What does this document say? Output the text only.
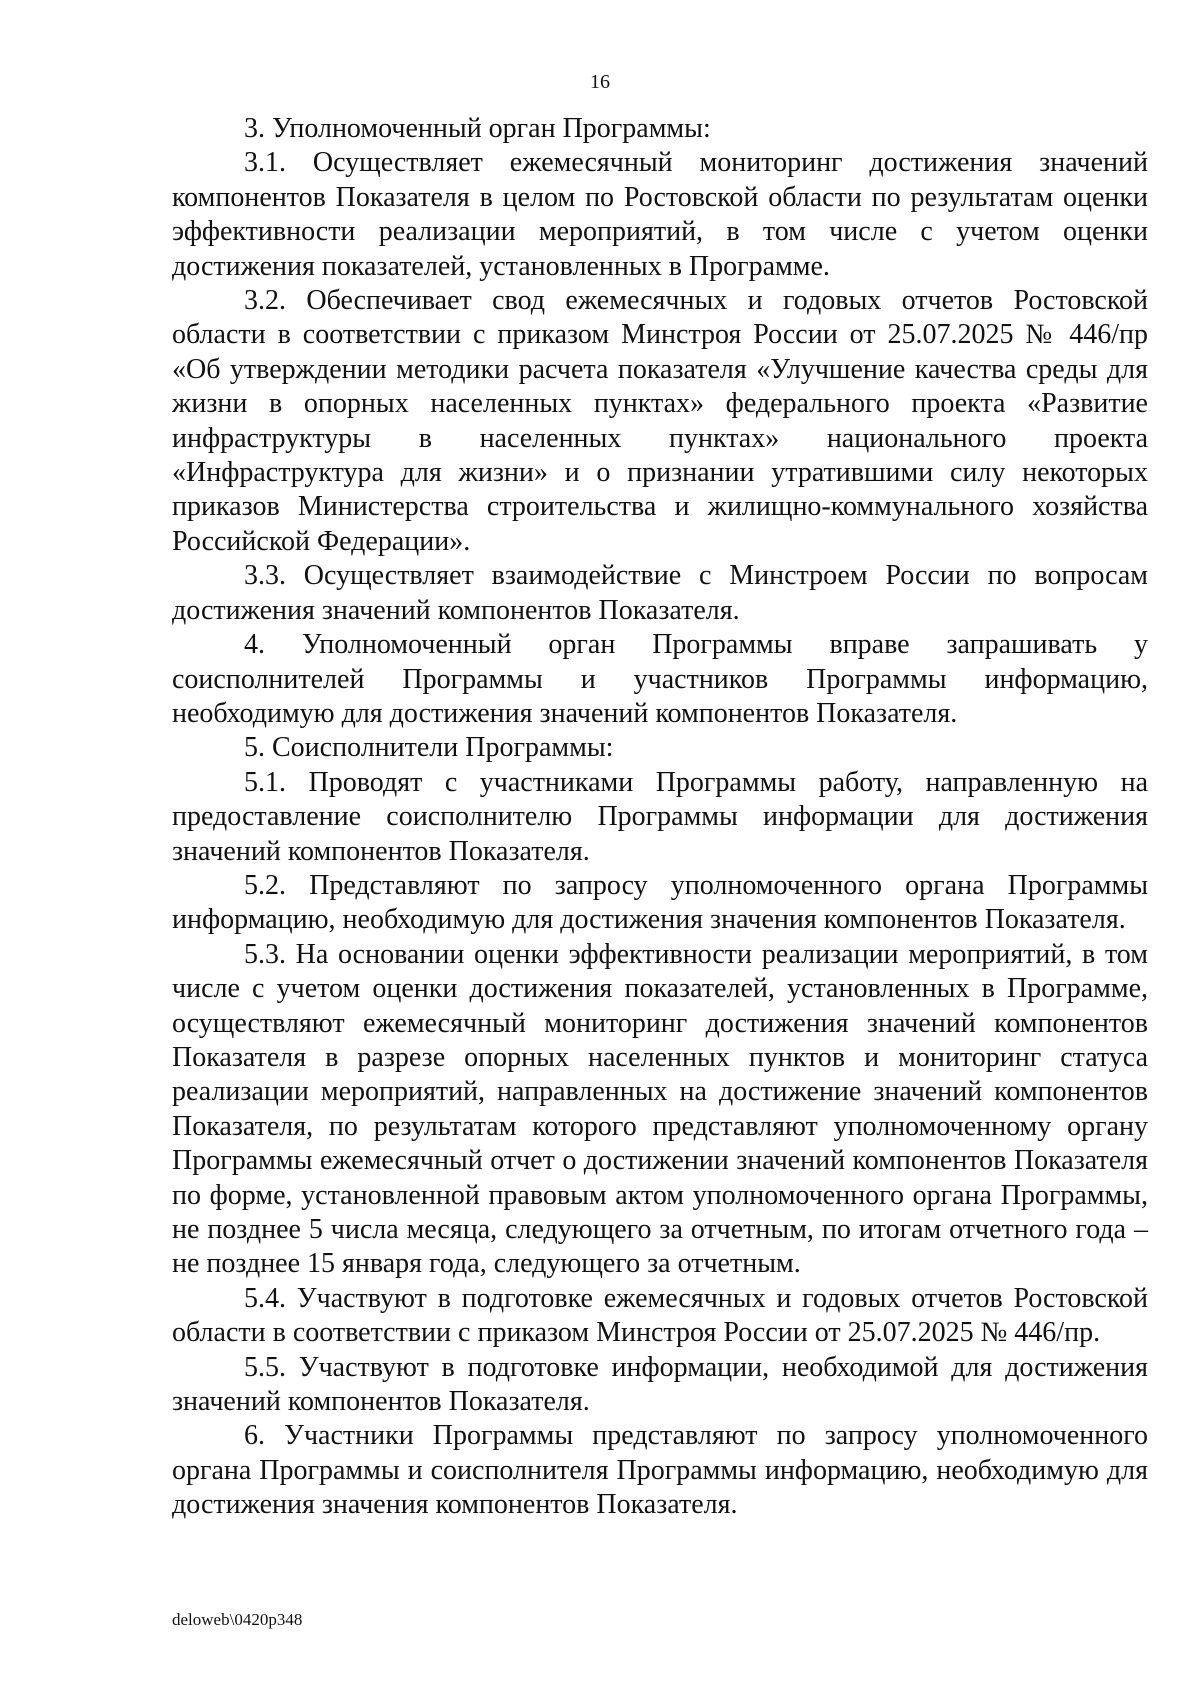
16

3. Уполномоченный орган Программы:

3.1. Осуществляет ежемесячный мониторинг достижения значений компонентов Показателя в целом по Ростовской области по результатам оценки эффективности реализации мероприятий, в том числе с учетом оценки достижения показателей, установленных в Программе.

3.2. Обеспечивает свод ежемесячных и годовых отчетов Ростовской области в соответствии с приказом Минстроя России от 25.07.2025 № 446/пр «Об утверждении методики расчета показателя «Улучшение качества среды для жизни в опорных населенных пунктах» федерального проекта «Развитие инфраструктуры в населенных пунктах» национального проекта «Инфраструктура для жизни» и о признании утратившими силу некоторых приказов Министерства строительства и жилищно-коммунального хозяйства Российской Федерации».

3.3. Осуществляет взаимодействие с Минстроем России по вопросам достижения значений компонентов Показателя.

4. Уполномоченный орган Программы вправе запрашивать у соисполнителей Программы и участников Программы информацию, необходимую для достижения значений компонентов Показателя.

5. Соисполнители Программы:

5.1. Проводят с участниками Программы работу, направленную на предоставление соисполнителю Программы информации для достижения значений компонентов Показателя.

5.2. Представляют по запросу уполномоченного органа Программы информацию, необходимую для достижения значения компонентов Показателя.

5.3. На основании оценки эффективности реализации мероприятий, в том числе с учетом оценки достижения показателей, установленных в Программе, осуществляют ежемесячный мониторинг достижения значений компонентов Показателя в разрезе опорных населенных пунктов и мониторинг статуса реализации мероприятий, направленных на достижение значений компонентов Показателя, по результатам которого представляют уполномоченному органу Программы ежемесячный отчет о достижении значений компонентов Показателя по форме, установленной правовым актом уполномоченного органа Программы, не позднее 5 числа месяца, следующего за отчетным, по итогам отчетного года – не позднее 15 января года, следующего за отчетным.

5.4. Участвуют в подготовке ежемесячных и годовых отчетов Ростовской области в соответствии с приказом Минстроя России от 25.07.2025 № 446/пр.

5.5. Участвуют в подготовке информации, необходимой для достижения значений компонентов Показателя.

6. Участники Программы представляют по запросу уполномоченного органа Программы и соисполнителя Программы информацию, необходимую для достижения значения компонентов Показателя.

deloweb\0420p348
